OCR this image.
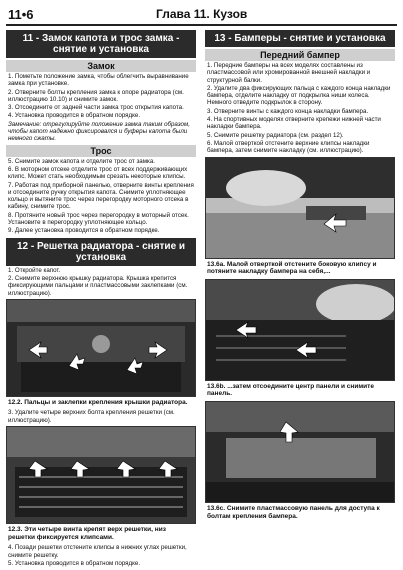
11•6	Глава 11. Кузов
11 - Замок капота и трос замка - снятие и установка
Замок
1. Пометьте положение замка, чтобы облегчить выравнивание замка при установке.
2. Отверните болты крепления замка к опоре радиатора (см. иллюстрацию 10.10) и снимите замок.
3. Отсоедините от задней части замка трос открытия капота.
4. Установка проводится в обратном порядке.
Замечание: отрегулируйте положение замка таким образом, чтобы капот надежно фиксировался и буферы капота были немного сжаты.
Трос
5. Снимите замок капота и отделите трос от замка.
6. В моторном отсеке отделите трос от всех поддерживающих клипс. Может стать необходимым срезать некоторые клипсы.
7. Работая под приборной панелью, отверните винты крепления и отсоедините ручку открытия капота. Снимите уплотняющее кольцо и вытяните трос через перегородку моторного отсека в кабину, снимите трос.
8. Протяните новый трос через перегородку в моторный отсек. Установите в перегородку уплотняющее кольцо.
9. Далее установка проводится в обратном порядке.
12 - Решетка радиатора - снятие и установка
1. Откройте капот.
2. Снимите верхнюю крышку радиатора. Крышка крепится фиксирующими пальцами и пластмассовыми заклепками (см. иллюстрацию).
12.2. Пальцы и заклепки крепления крышки радиатора.
3. Удалите четыре верхних болта крепления решетки (см. иллюстрацию).
12.3. Эти четыре винта крепят верх решетки, низ решетки фиксируется клипсами.
4. Позади решетки отстените клипсы в нижних углах решетки, снимите решетку.
5. Установка проводится в обратном порядке.
13 - Бамперы - снятие и установка
Передний бампер
1. Передние бамперы на всех моделях составлены из пластмассовой или хромированной внешней накладки и структурной балки.
2. Удалите два фиксирующих пальца с каждого конца накладки бампера, отделите накладку от подкрылка ниши колеса. Немного отведите подкрылок в сторону.
3. Отверните винты с каждого конца накладки бампера.
4. На спортивных моделях отверните крепежи нижней части накладки бампера.
5. Снимите решетку радиатора (см. раздел 12).
6. Малой отверткой отстените верхние клипсы накладки бампера, затем снимите накладку (см. иллюстрацию).
13.6a. Малой отверткой отстените боковую клипсу и потяните накладку бампера на себя,...
13.6b. ...затем отсоедините центр панели и снимите панель.
13.6c. Снимите пластмассовую панель для доступа к болтам крепления бампера.
